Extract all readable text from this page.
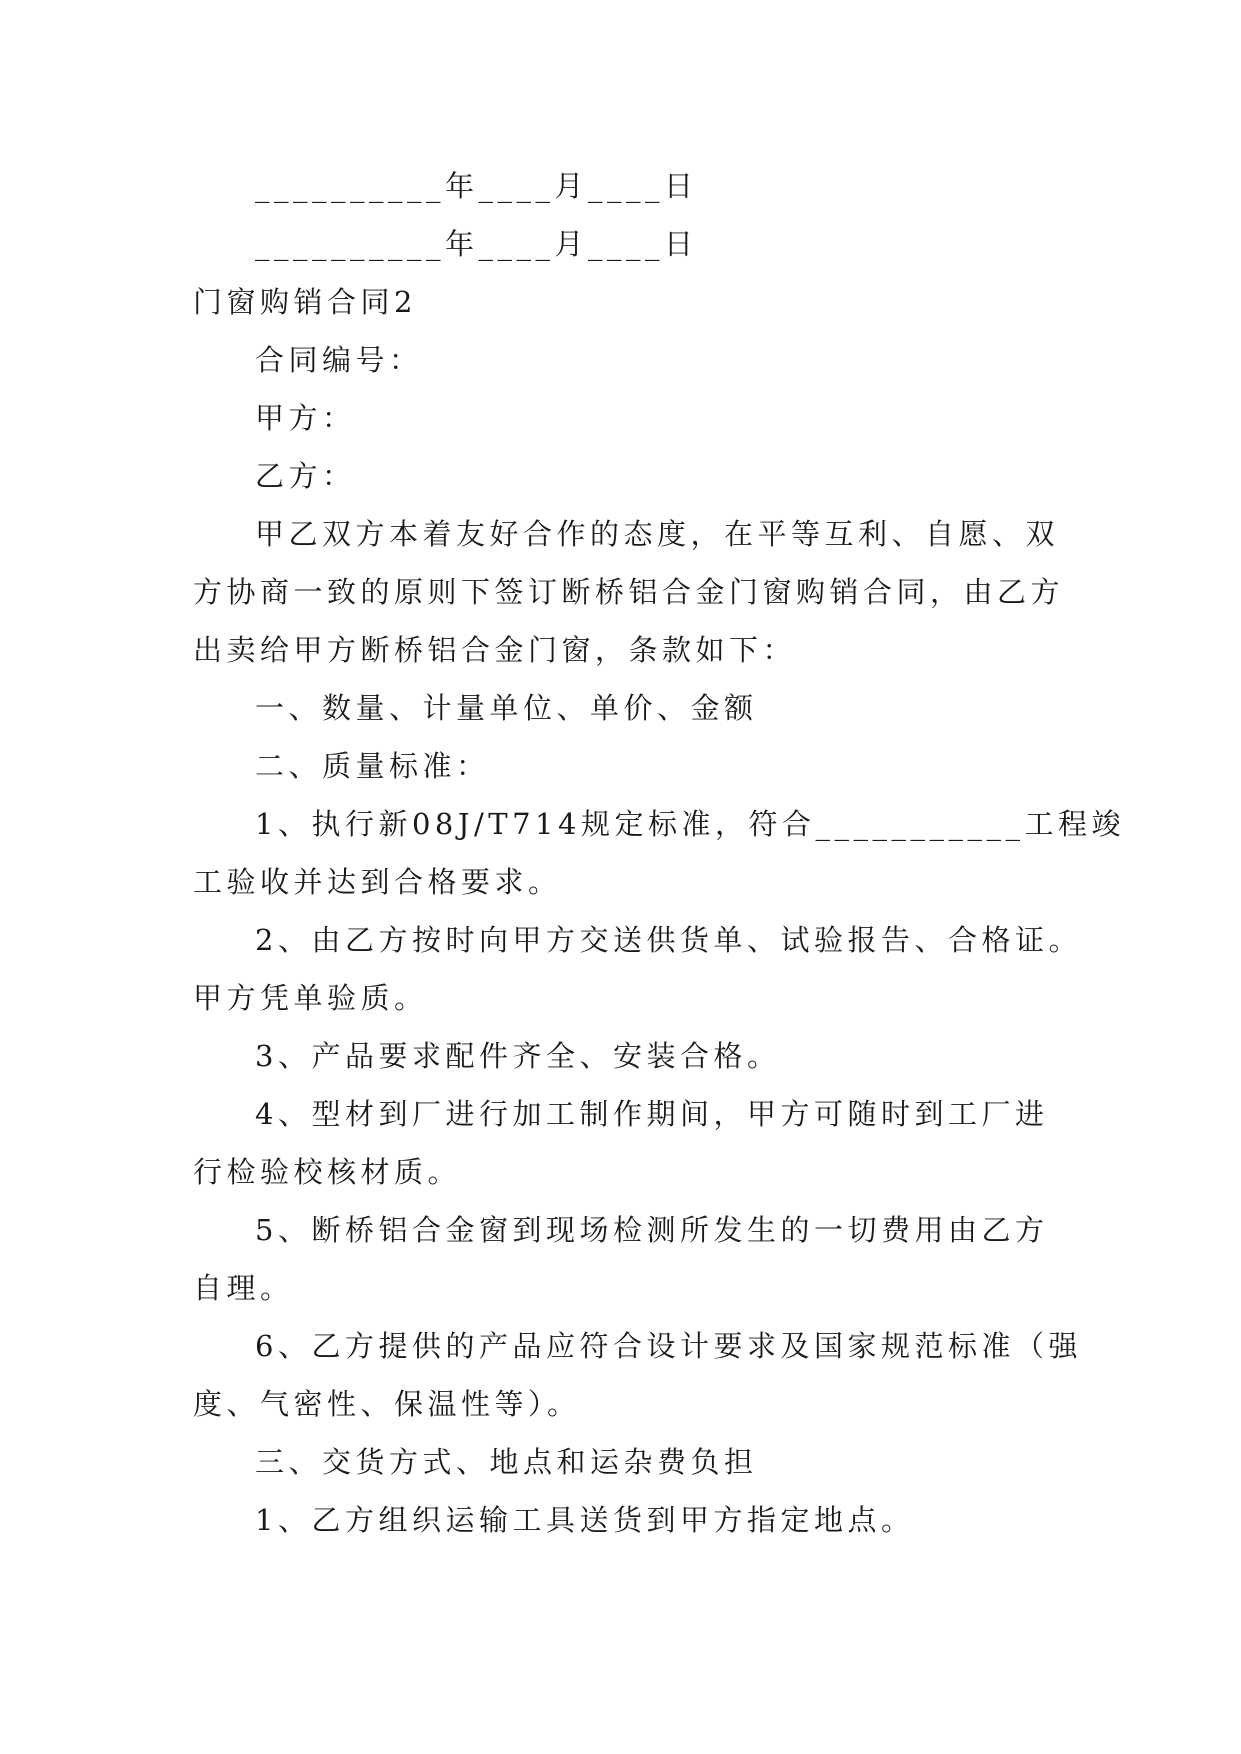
__________年____月____日
__________年____月____日
门窗购销合同2
合同编号：
甲方：
乙方：
甲乙双方本着友好合作的态度，在平等互利、自愿、双
方协商一致的原则下签订断桥铝合金门窗购销合同，由乙方
出卖给甲方断桥铝合金门窗，条款如下：
一、数量、计量单位、单价、金额
二、质量标准：
1、执行新08J/T714规定标准，符合___________工程竣
工验收并达到合格要求。
2、由乙方按时向甲方交送供货单、试验报告、合格证。
甲方凭单验质。
3、产品要求配件齐全、安装合格。
4、型材到厂进行加工制作期间，甲方可随时到工厂进
行检验校核材质。
5、断桥铝合金窗到现场检测所发生的一切费用由乙方
自理。
6、乙方提供的产品应符合设计要求及国家规范标准（强
度、气密性、保温性等）。
三、交货方式、地点和运杂费负担
1、乙方组织运输工具送货到甲方指定地点。
